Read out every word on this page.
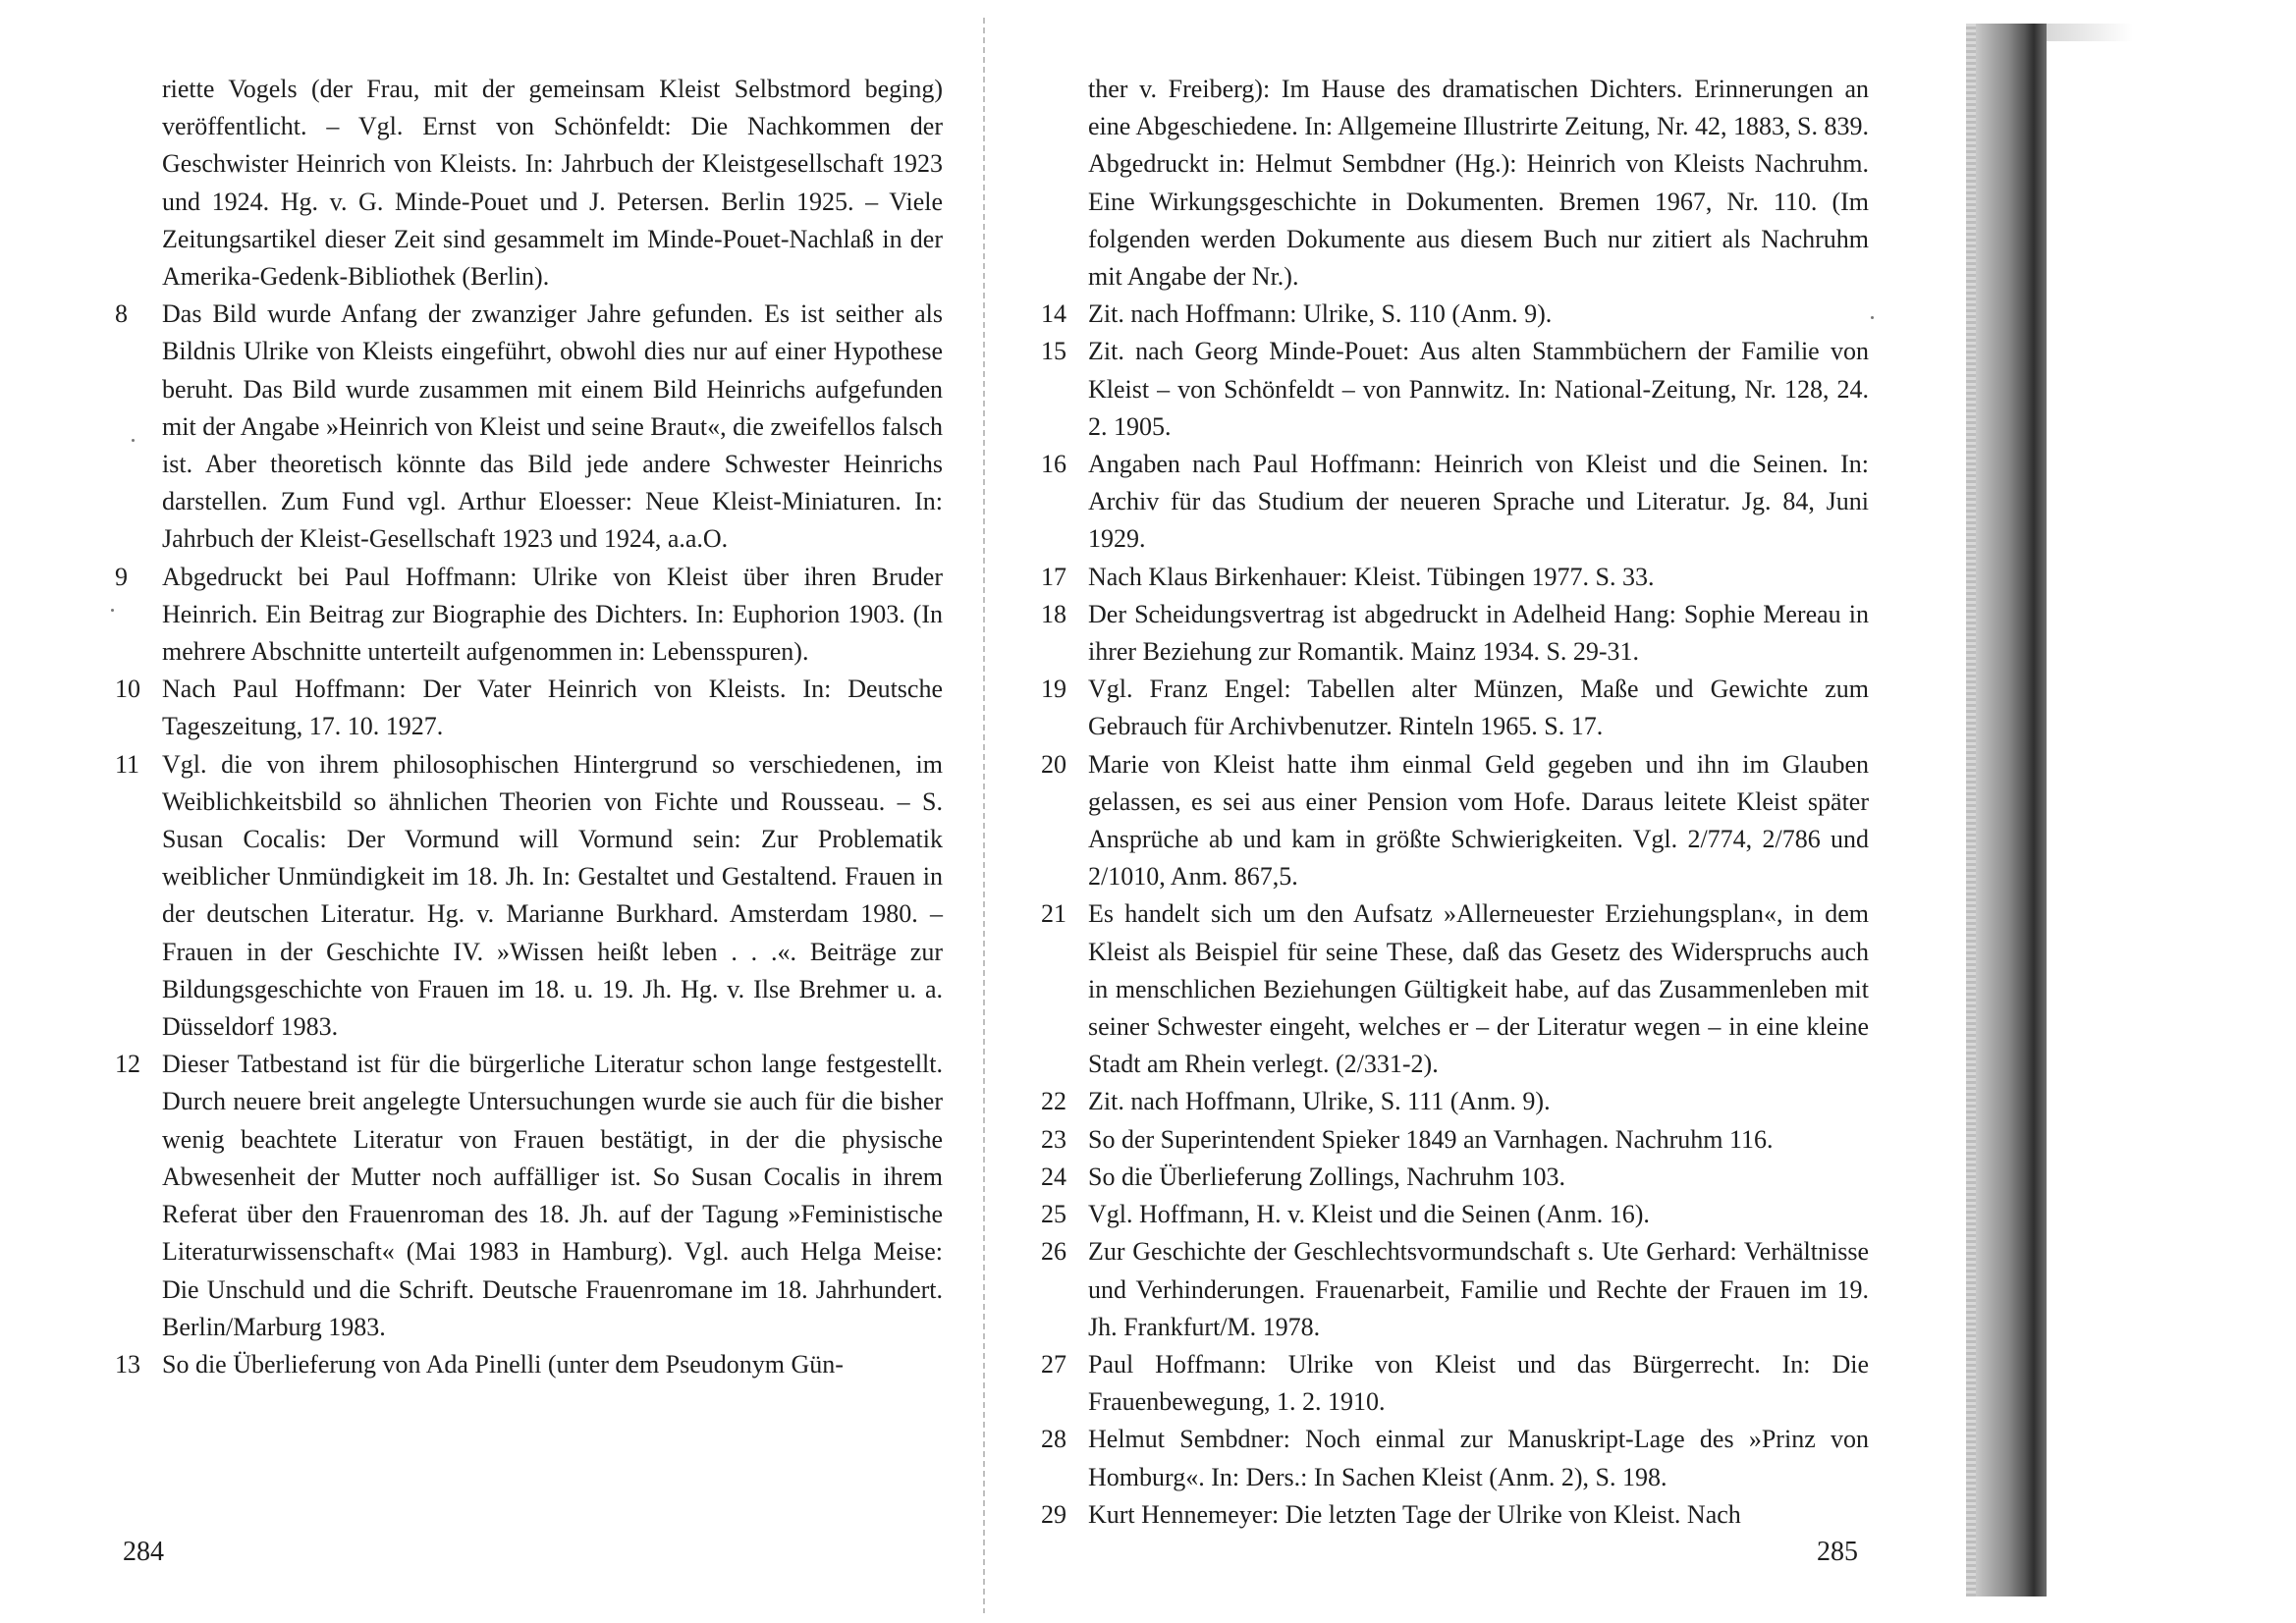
riette Vogels (der Frau, mit der gemeinsam Kleist Selbstmord beging) veröffentlicht. – Vgl. Ernst von Schönfeldt: Die Nachkommen der Geschwister Heinrich von Kleists. In: Jahrbuch der Kleistgesellschaft 1923 und 1924. Hg. v. G. Minde-Pouet und J. Petersen. Berlin 1925. – Viele Zeitungsartikel dieser Zeit sind gesammelt im Minde-Pouet-Nachlaß in der Amerika-Gedenk-Bibliothek (Berlin).
8	Das Bild wurde Anfang der zwanziger Jahre gefunden. Es ist seither als Bildnis Ulrike von Kleists eingeführt, obwohl dies nur auf einer Hypothese beruht. Das Bild wurde zusammen mit einem Bild Heinrichs aufgefunden mit der Angabe »Heinrich von Kleist und seine Braut«, die zweifellos falsch ist. Aber theoretisch könnte das Bild jede andere Schwester Heinrichs darstellen. Zum Fund vgl. Arthur Eloesser: Neue Kleist-Miniaturen. In: Jahrbuch der Kleist-Gesellschaft 1923 und 1924, a.a.O.
9	Abgedruckt bei Paul Hoffmann: Ulrike von Kleist über ihren Bruder Heinrich. Ein Beitrag zur Biographie des Dichters. In: Euphorion 1903. (In mehrere Abschnitte unterteilt aufgenommen in: Lebensspuren).
10 Nach Paul Hoffmann: Der Vater Heinrich von Kleists. In: Deutsche Tageszeitung, 17. 10. 1927.
11 Vgl. die von ihrem philosophischen Hintergrund so verschiedenen, im Weiblichkeitsbild so ähnlichen Theorien von Fichte und Rousseau. – S. Susan Cocalis: Der Vormund will Vormund sein: Zur Problematik weiblicher Unmündigkeit im 18. Jh. In: Gestaltet und Gestaltend. Frauen in der deutschen Literatur. Hg. v. Marianne Burkhard. Amsterdam 1980. – Frauen in der Geschichte IV. »Wissen heißt leben . . .«. Beiträge zur Bildungsgeschichte von Frauen im 18. u. 19. Jh. Hg. v. Ilse Brehmer u. a. Düsseldorf 1983.
12 Dieser Tatbestand ist für die bürgerliche Literatur schon lange festgestellt. Durch neuere breit angelegte Untersuchungen wurde sie auch für die bisher wenig beachtete Literatur von Frauen bestätigt, in der die physische Abwesenheit der Mutter noch auffälliger ist. So Susan Cocalis in ihrem Referat über den Frauenroman des 18. Jh. auf der Tagung »Feministische Literaturwissenschaft« (Mai 1983 in Hamburg). Vgl. auch Helga Meise: Die Unschuld und die Schrift. Deutsche Frauenromane im 18. Jahrhundert. Berlin/Marburg 1983.
13 So die Überlieferung von Ada Pinelli (unter dem Pseudonym Gün-
284
ther v. Freiberg): Im Hause des dramatischen Dichters. Erinnerungen an eine Abgeschiedene. In: Allgemeine Illustrirte Zeitung, Nr. 42, 1883, S. 839. Abgedruckt in: Helmut Sembdner (Hg.): Heinrich von Kleists Nachruhm. Eine Wirkungsgeschichte in Dokumenten. Bremen 1967, Nr. 110. (Im folgenden werden Dokumente aus diesem Buch nur zitiert als Nachruhm mit Angabe der Nr.).
14 Zit. nach Hoffmann: Ulrike, S. 110 (Anm. 9).
15 Zit. nach Georg Minde-Pouet: Aus alten Stammbüchern der Familie von Kleist – von Schönfeldt – von Pannwitz. In: National-Zeitung, Nr. 128, 24. 2. 1905.
16 Angaben nach Paul Hoffmann: Heinrich von Kleist und die Seinen. In: Archiv für das Studium der neueren Sprache und Literatur. Jg. 84, Juni 1929.
17 Nach Klaus Birkenhauer: Kleist. Tübingen 1977. S. 33.
18 Der Scheidungsvertrag ist abgedruckt in Adelheid Hang: Sophie Mereau in ihrer Beziehung zur Romantik. Mainz 1934. S. 29-31.
19 Vgl. Franz Engel: Tabellen alter Münzen, Maße und Gewichte zum Gebrauch für Archivbenutzer. Rinteln 1965. S. 17.
20 Marie von Kleist hatte ihm einmal Geld gegeben und ihn im Glauben gelassen, es sei aus einer Pension vom Hofe. Daraus leitete Kleist später Ansprüche ab und kam in größte Schwierigkeiten. Vgl. 2/774, 2/786 und 2/1010, Anm. 867,5.
21 Es handelt sich um den Aufsatz »Allerneuester Erziehungsplan«, in dem Kleist als Beispiel für seine These, daß das Gesetz des Widerspruchs auch in menschlichen Beziehungen Gültigkeit habe, auf das Zusammenleben mit seiner Schwester eingeht, welches er – der Literatur wegen – in eine kleine Stadt am Rhein verlegt. (2/331-2).
22 Zit. nach Hoffmann, Ulrike, S. 111 (Anm. 9).
23 So der Superintendent Spieker 1849 an Varnhagen. Nachruhm 116.
24 So die Überlieferung Zollings, Nachruhm 103.
25 Vgl. Hoffmann, H. v. Kleist und die Seinen (Anm. 16).
26 Zur Geschichte der Geschlechtsvormundschaft s. Ute Gerhard: Verhältnisse und Verhinderungen. Frauenarbeit, Familie und Rechte der Frauen im 19. Jh. Frankfurt/M. 1978.
27 Paul Hoffmann: Ulrike von Kleist und das Bürgerrecht. In: Die Frauenbewegung, 1. 2. 1910.
28 Helmut Sembdner: Noch einmal zur Manuskript-Lage des »Prinz von Homburg«. In: Ders.: In Sachen Kleist (Anm. 2), S. 198.
29 Kurt Hennemeyer: Die letzten Tage der Ulrike von Kleist. Nach
285
